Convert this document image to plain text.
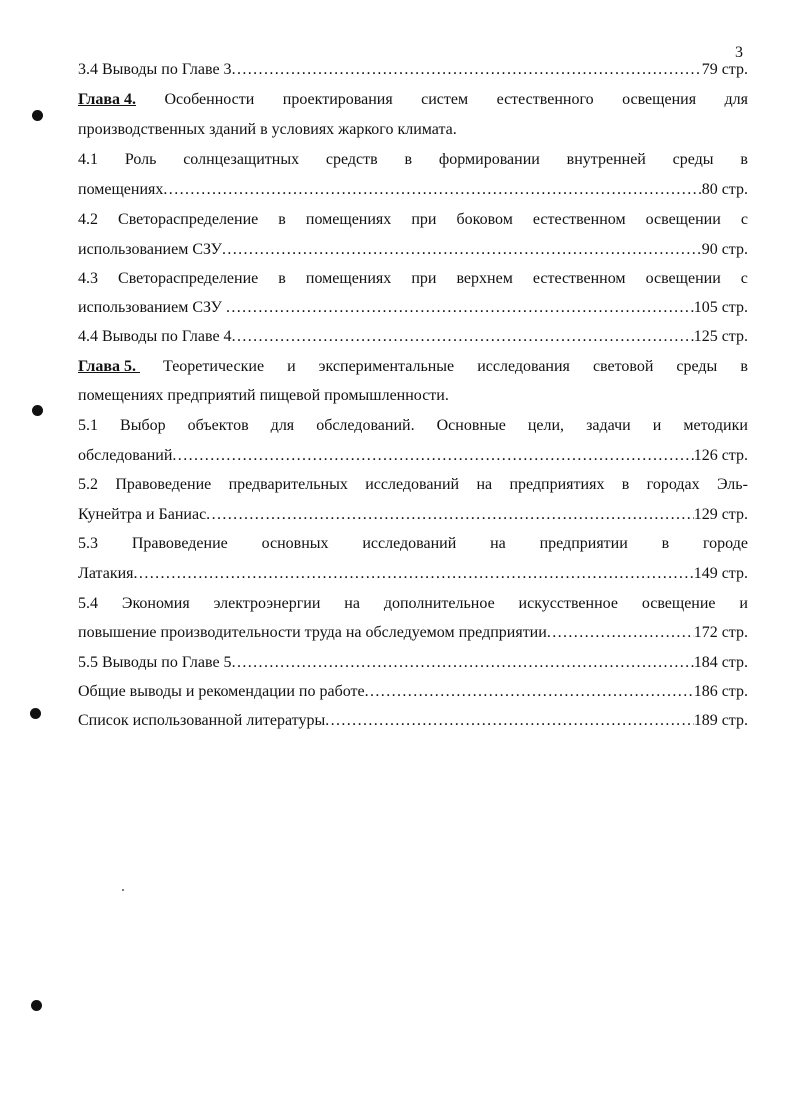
3
3.4 Выводы по Главе 3 .....	79 стр.
Глава 4. Особенности проектирования систем естественного освещения для
производственных зданий в условиях жаркого климата.
4.1 Роль солнцезащитных средств в формировании внутренней среды в
помещениях .....	80 стр.
4.2 Светораспределение в помещениях при боковом естественном освещении с
использованием СЗУ .....	90 стр.
4.3 Светораспределение в помещениях при верхнем естественном освещении с
использованием СЗУ .....	105 стр.
4.4 Выводы по Главе 4 .....	125 стр.
Глава 5. Теоретические и экспериментальные исследования световой среды в
помещениях предприятий пищевой промышленности.
5.1 Выбор объектов для обследований. Основные цели, задачи и методики
обследований .....	126 стр.
5.2 Правоведение предварительных исследований на предприятиях в городах Эль-
Кунейтра и Баниас .....	129 стр.
5.3 Правоведение основных исследований на предприятии в городе
Латакия .....	149 стр.
5.4 Экономия электроэнергии на дополнительное искусственное освещение и
повышение производительности труда на обследуемом предприятии .....	172 стр.
5.5 Выводы по Главе 5 .....	184 стр.
Общие выводы и рекомендации по работе .....	186 стр.
Список использованной литературы .....	189 стр.
